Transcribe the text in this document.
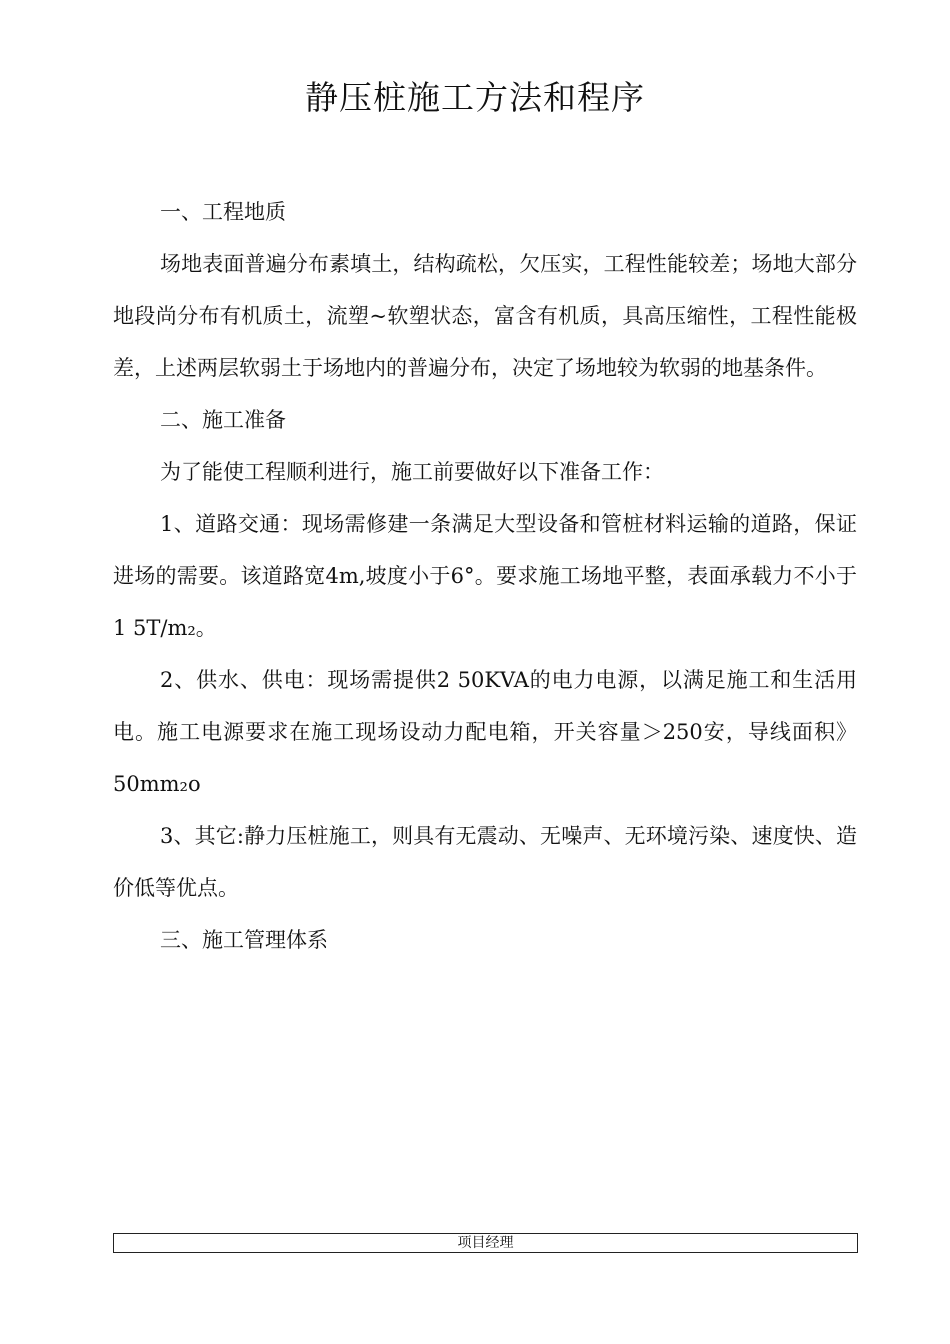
静压桩施工方法和程序

一、工程地质

场地表面普遍分布素填土，结构疏松，欠压实，工程性能较差；场地大部分地段尚分布有机质土，流塑~软塑状态，富含有机质，具高压缩性，工程性能极差，上述两层软弱土于场地内的普遍分布，决定了场地较为软弱的地基条件。

二、施工准备

为了能使工程顺利进行，施工前要做好以下准备工作：

1、道路交通：现场需修建一条满足大型设备和管桩材料运输的道路，保证进场的需要。该道路宽4m,坡度小于6°。要求施工场地平整，表面承载力不小于1 5T/m₂。

2、供水、供电：现场需提供2 50KVA的电力电源，以满足施工和生活用电。施工电源要求在施工现场设动力配电箱，开关容量＞250安，导线面积》50mm₂o

3、其它:静力压桩施工，则具有无震动、无噪声、无环境污染、速度快、造价低等优点。

三、施工管理体系

项目经理
